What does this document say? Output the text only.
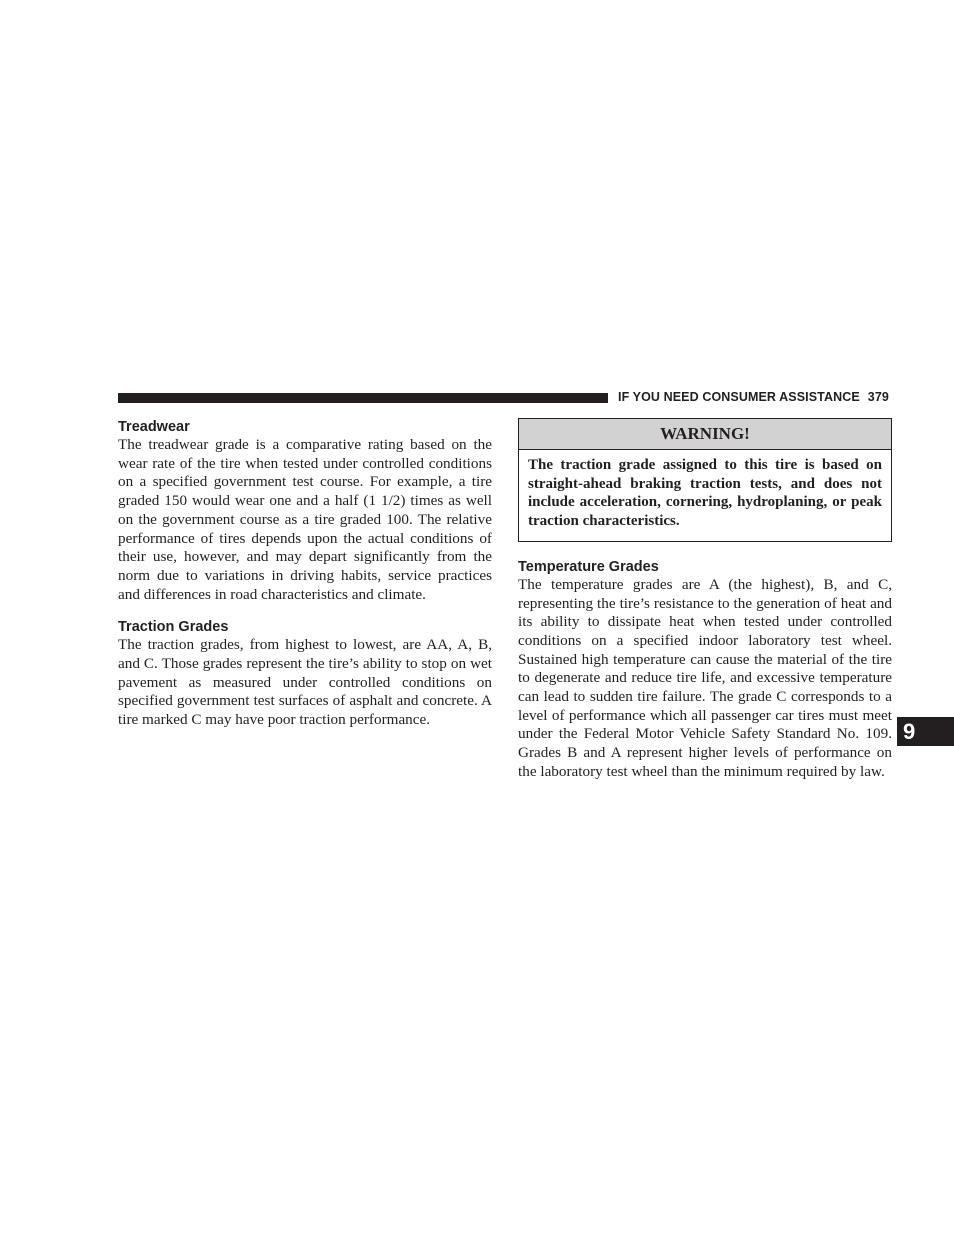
IF YOU NEED CONSUMER ASSISTANCE 379
Treadwear

The treadwear grade is a comparative rating based on the wear rate of the tire when tested under controlled conditions on a specified government test course. For example, a tire graded 150 would wear one and a half (1 1/2) times as well on the government course as a tire graded 100. The relative performance of tires depends upon the actual conditions of their use, however, and may depart significantly from the norm due to variations in driving habits, service practices and differences in road characteristics and climate.

Traction Grades

The traction grades, from highest to lowest, are AA, A, B, and C. Those grades represent the tire’s ability to stop on wet pavement as measured under controlled conditions on specified government test surfaces of asphalt and concrete. A tire marked C may have poor traction performance.

WARNING!
The traction grade assigned to this tire is based on straight-ahead braking traction tests, and does not include acceleration, cornering, hydroplaning, or peak traction characteristics.
Temperature Grades

The temperature grades are A (the highest), B, and C, representing the tire’s resistance to the generation of heat and its ability to dissipate heat when tested under controlled conditions on a specified indoor laboratory test wheel. Sustained high temperature can cause the material of the tire to degenerate and reduce tire life, and excessive temperature can lead to sudden tire failure. The grade C corresponds to a level of performance which all passenger car tires must meet under the Federal Motor Vehicle Safety Standard No. 109. Grades B and A represent higher levels of performance on the laboratory test wheel than the minimum required by law.

9
